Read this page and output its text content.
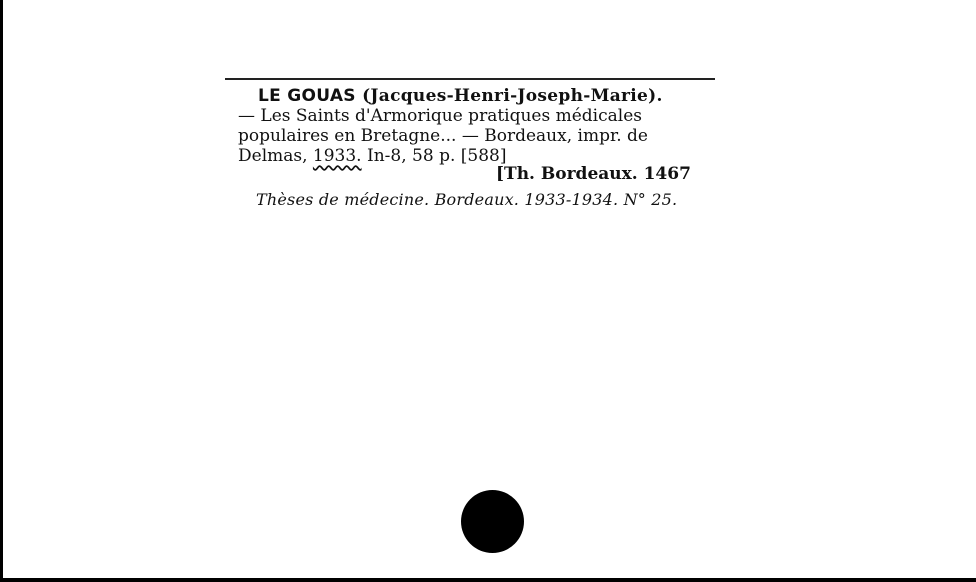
LE GOUAS (Jacques-Henri-Joseph-Marie).
— Les Saints d'Armorique pratiques médicales
populaires en Bretagne... — Bordeaux, impr. de
Delmas, 1933. In-8, 58 p. [588]
[Th. Bordeaux. 1467
Thèses de médecine. Bordeaux. 1933-1934. N° 25.
